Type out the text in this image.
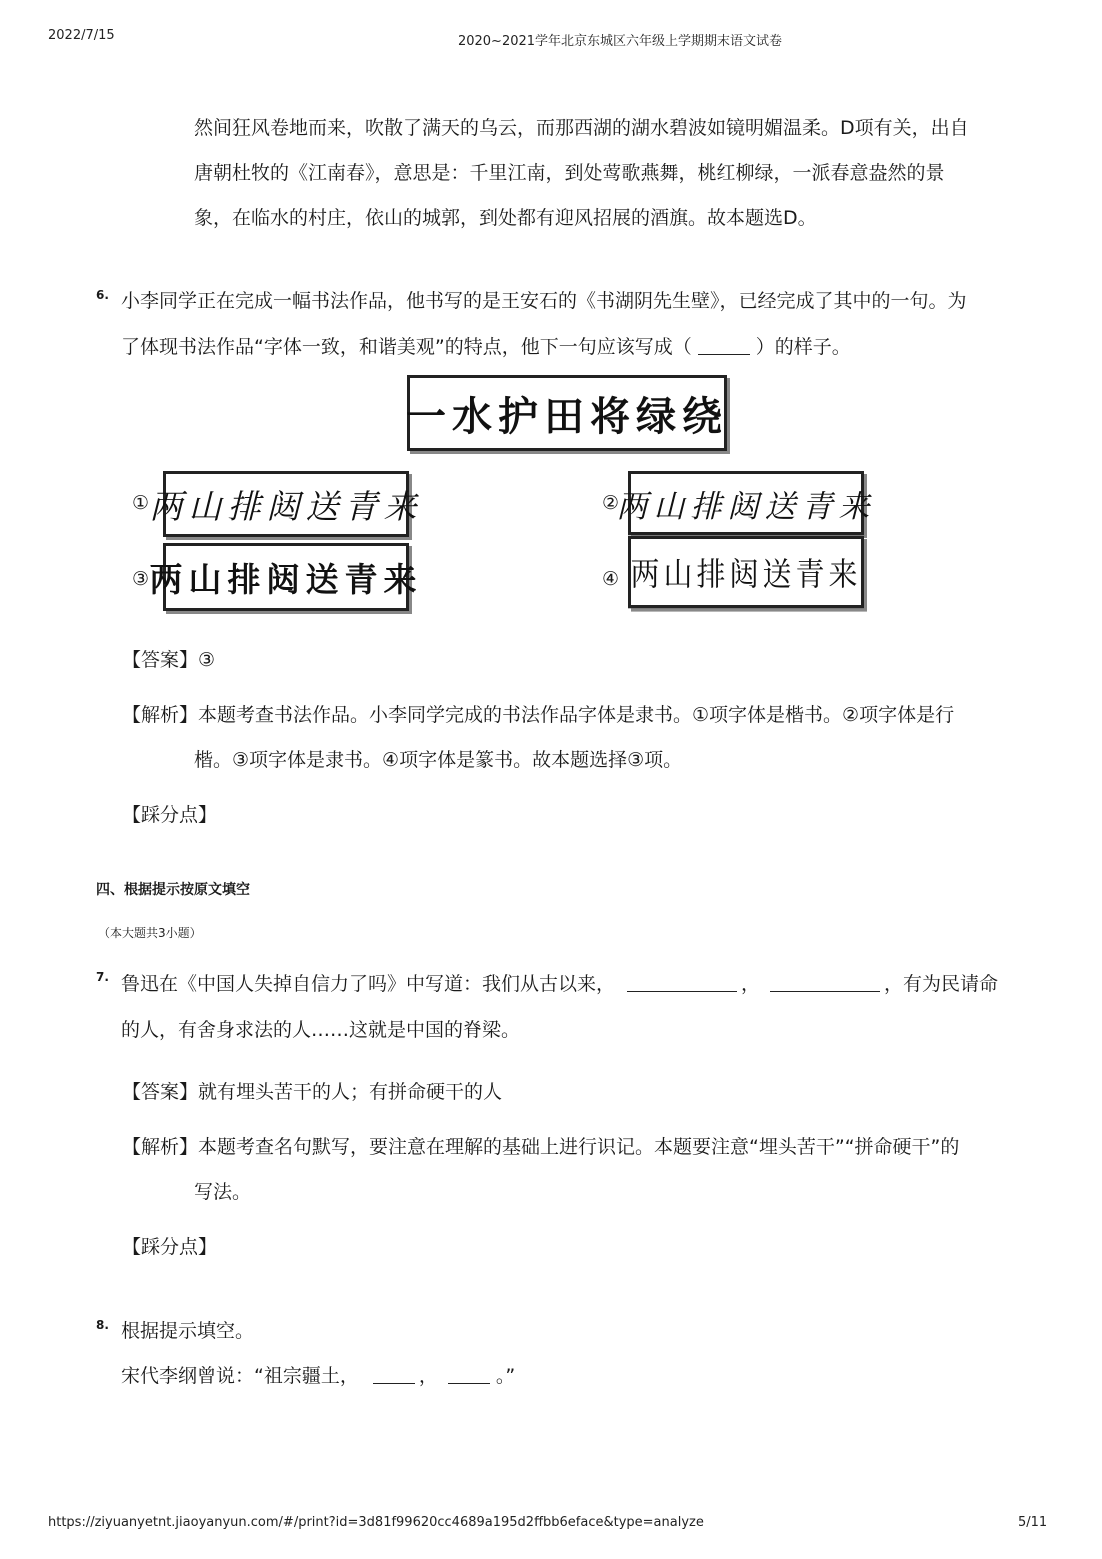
2022/7/15	2020~2021学年北京东城区六年级上学期期末语文试卷
然间狂风卷地而来，吹散了满天的乌云，而那西湖的湖水碧波如镜明媚温柔。D项有关，出自
唐朝杜牧的《江南春》，意思是：千里江南，到处莺歌燕舞，桃红柳绿，一派春意盎然的景
象，在临水的村庄，依山的城郭，到处都有迎风招展的酒旗。故本题选D。
6. 小李同学正在完成一幅书法作品，他书写的是王安石的《书湖阴先生壁》，已经完成了其中的一句。为
了体现书法作品“字体一致，和谐美观”的特点，他下一句应该写成（	）的样子。
一水护田将绿绕
① 两山排闼送青来	②
两山排闼送青来
③ 两山排闼送青来	④ 两山排闼送青来
【答案】③
【解析】本题考查书法作品。小李同学完成的书法作品字体是隶书。①项字体是楷书。②项字体是行
楷。③项字体是隶书。④项字体是篆书。故本题选择③项。
【踩分点】
四、根据提示按原文填空
（本大题共3小题）
7. 鲁迅在《中国人失掉自信力了吗》中写道：我们从古以来，	，	，有为民请命
的人，有舍身求法的人……这就是中国的脊梁。
【答案】就有埋头苦干的人；有拼命硬干的人
【解析】本题考查名句默写，要注意在理解的基础上进行识记。本题要注意“埋头苦干”“拼命硬干”的
写法。
【踩分点】
8. 根据提示填空。
宋代李纲曾说：“祖宗疆土，	，	。”
https://ziyuanyetnt.jiaoyanyun.com/#/print?id=3d81f99620cc4689a195d2ffbb6eface&type=analyze	5/11
